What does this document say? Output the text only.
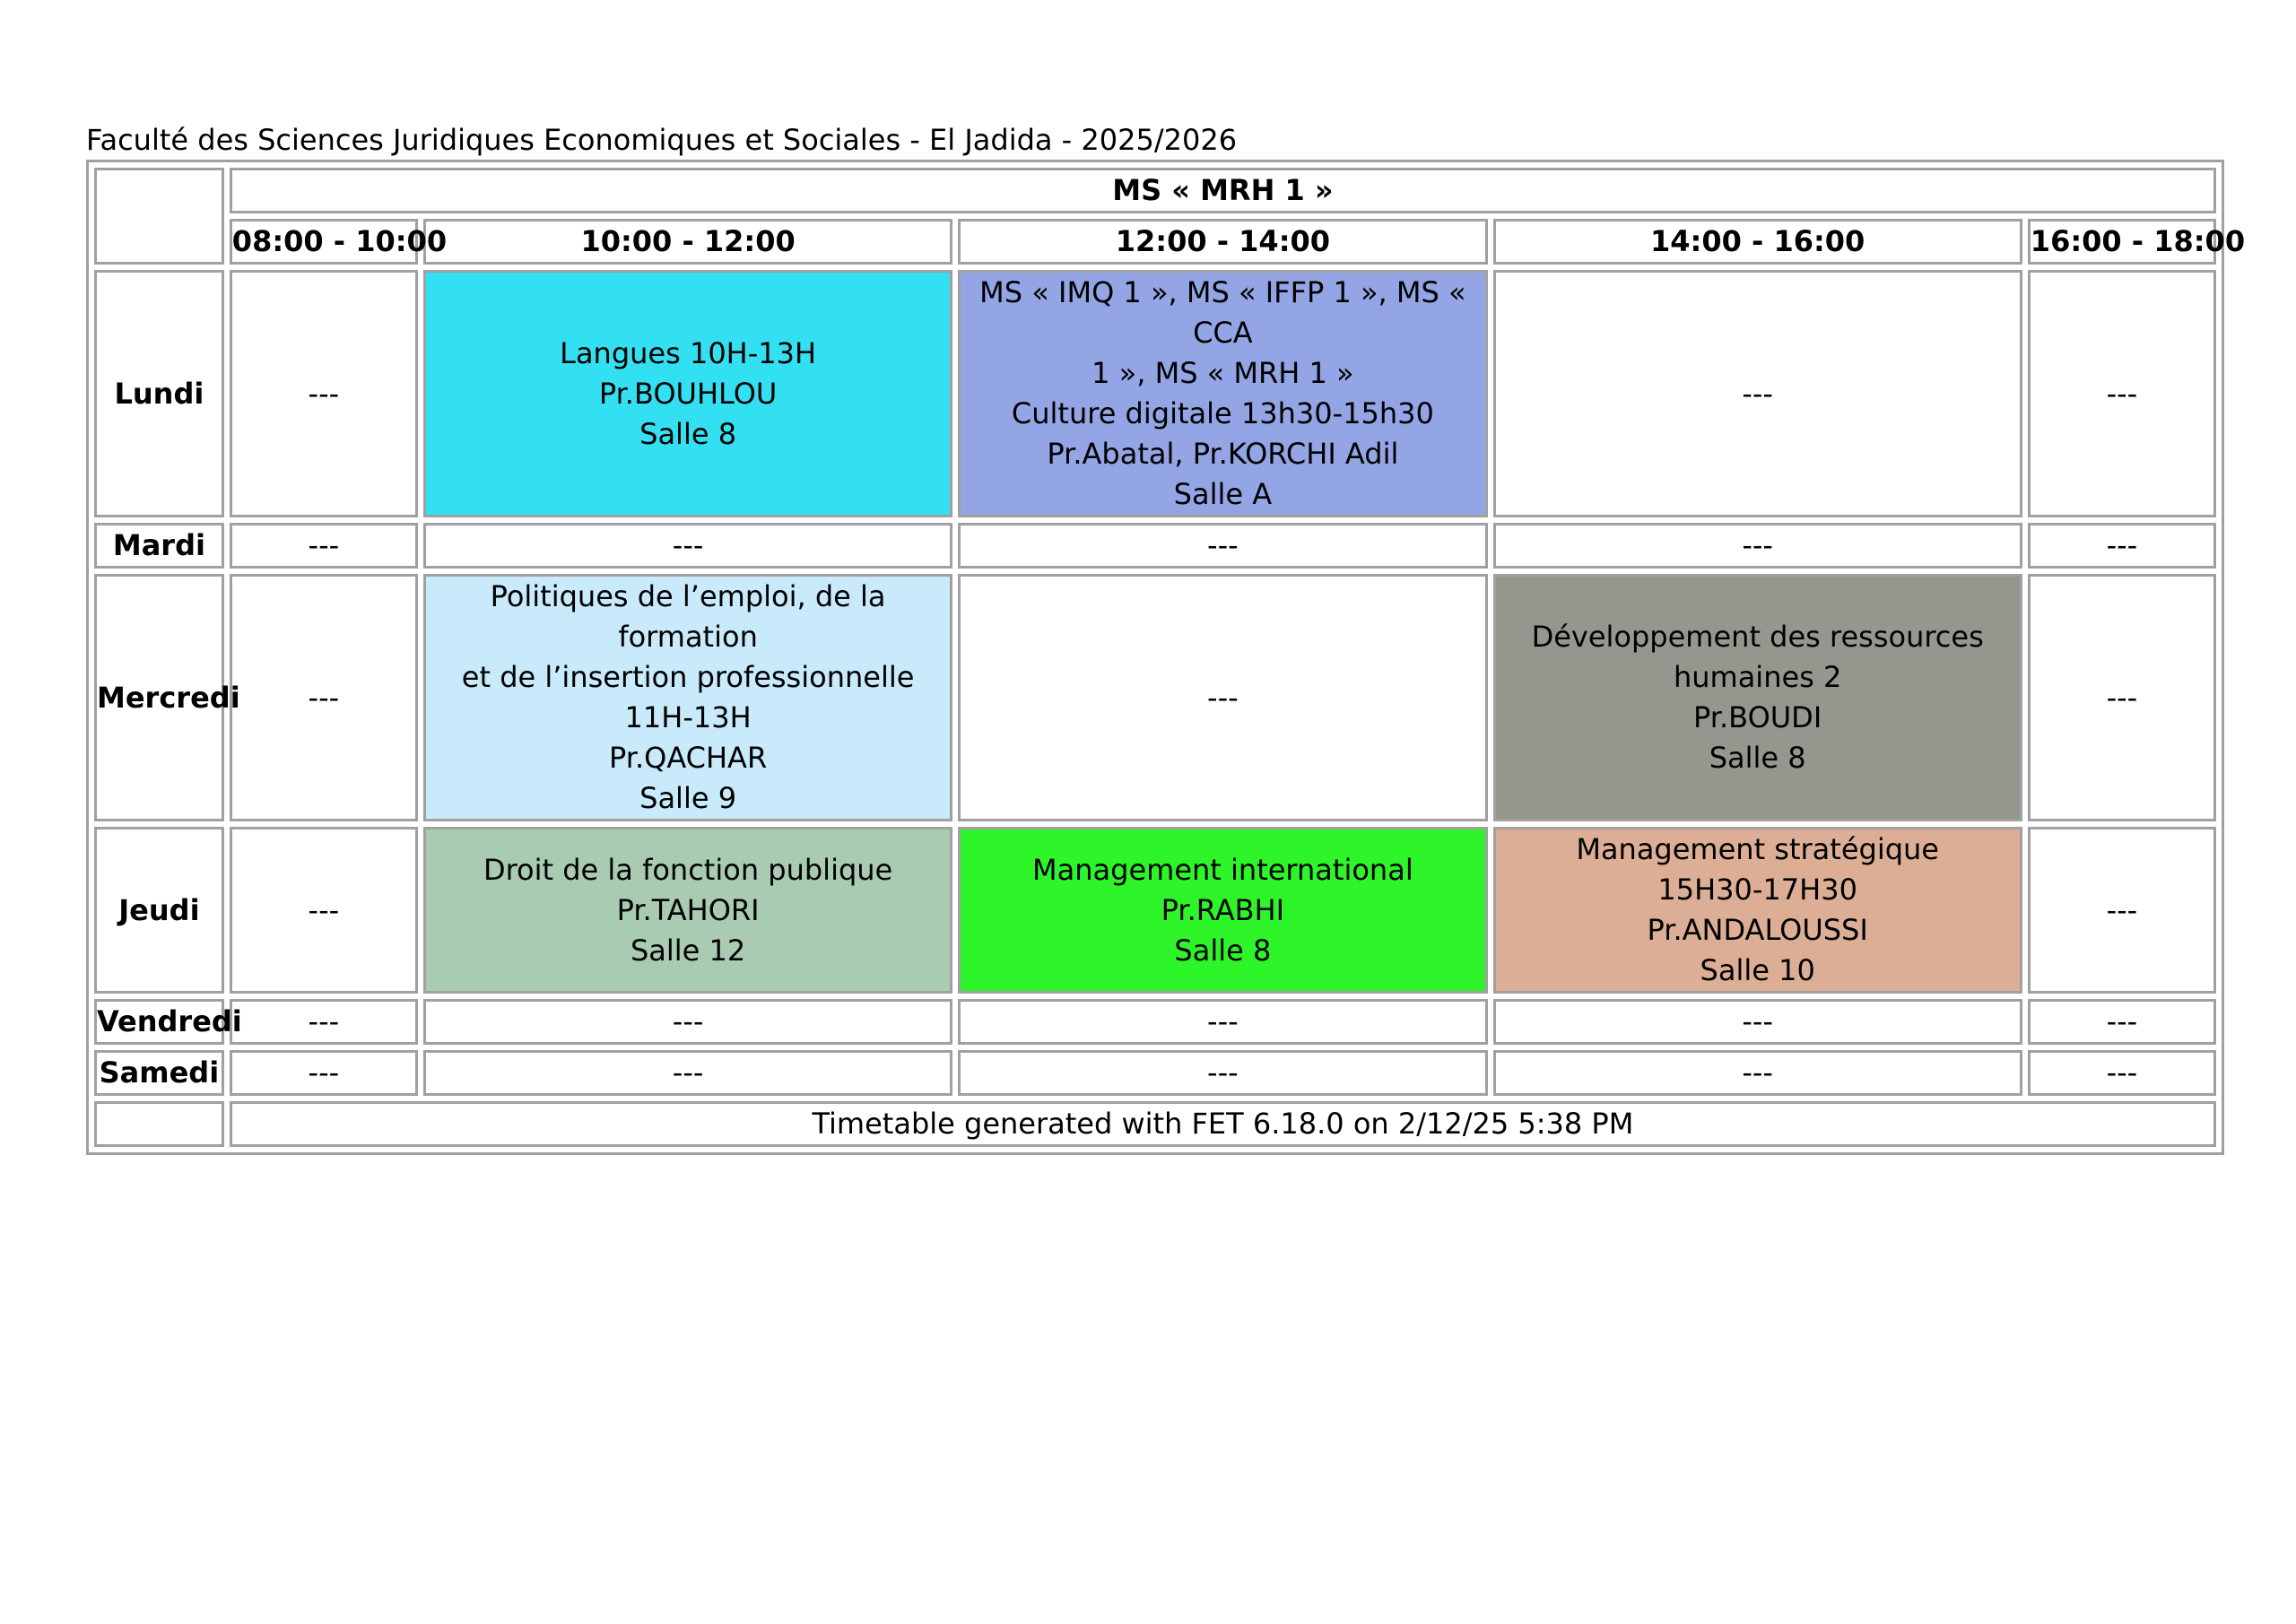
Faculté des Sciences Juridiques Economiques et Sociales - El Jadida - 2025/2026
	MS « MRH 1 »				
	08:00 - 10:00	10:00 - 12:00	12:00 - 14:00	14:00 - 16:00	16:00 - 18:00
Lundi	---	Langues 10H-13H
Pr.BOUHLOU
Salle 8	MS « IMQ 1 », MS « IFFP 1 », MS « CCA
1 », MS « MRH 1 »
Culture digitale 13h30-15h30
Pr.Abatal, Pr.KORCHI Adil
Salle A	---	---
Mardi	---	---	---	---	---
Mercredi	---	Politiques de l’emploi, de la formation
et de l’insertion professionnelle
11H-13H
Pr.QACHAR
Salle 9	---	Développement des ressources
humaines 2
Pr.BOUDI
Salle 8	---
Jeudi	---	Droit de la fonction publique
Pr.TAHORI
Salle 12	Management international
Pr.RABHI
Salle 8	Management stratégique
15H30-17H30
Pr.ANDALOUSSI
Salle 10	---
Vendredi	---	---	---	---	---
Samedi	---	---	---	---	---
	Timetable generated with FET 6.18.0 on 2/12/25 5:38 PM				
